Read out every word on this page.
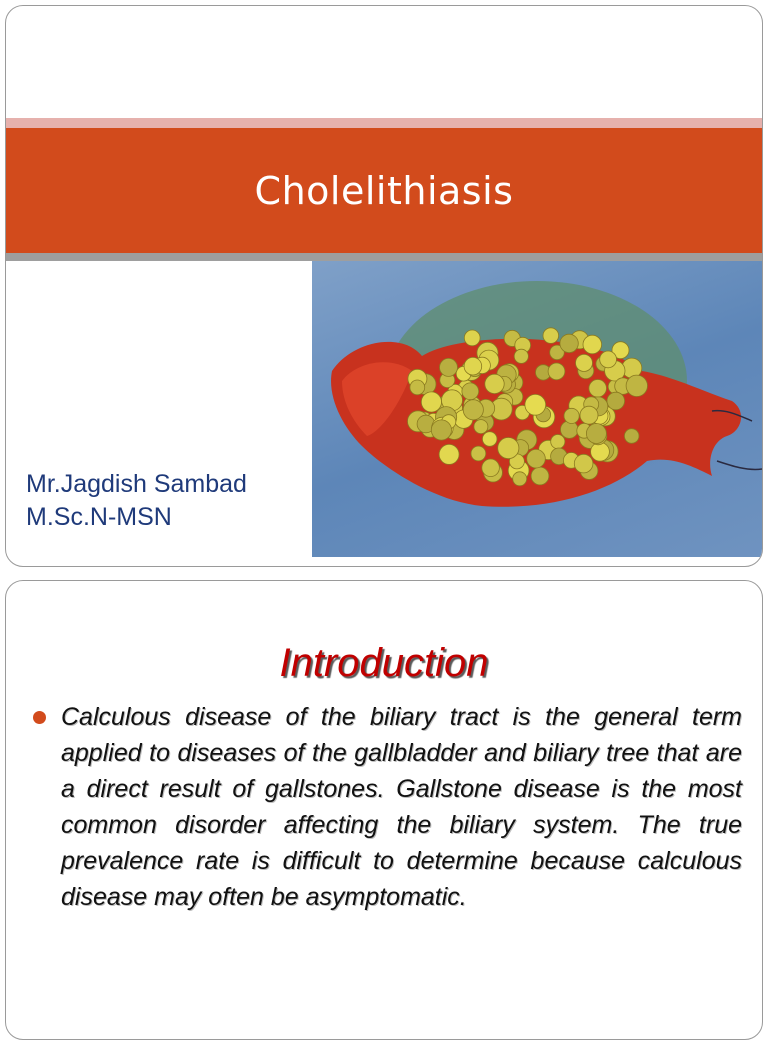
Cholelithiasis
Mr.Jagdish Sambad
M.Sc.N-MSN
Introduction
Calculous disease of the biliary tract is the general term applied to diseases of the gallbladder and biliary tree that are a direct result of gallstones. Gallstone disease is the most common disorder affecting the biliary system. The true prevalence rate is difficult to determine because calculous disease may often be asymptomatic.
